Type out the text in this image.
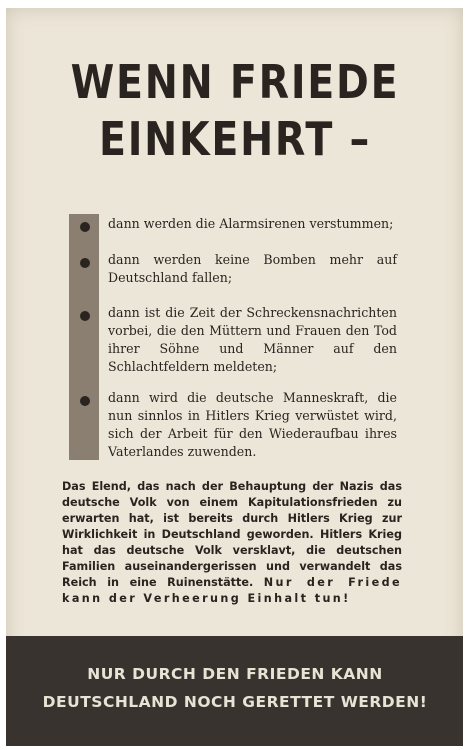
WENN FRIEDE
EINKEHRT –
dann werden die Alarmsirenen verstummen;
dann werden keine Bomben mehr auf Deutschland fallen;
dann ist die Zeit der Schreckensnachrichten vorbei, die den Müttern und Frauen den Tod ihrer Söhne und Männer auf den Schlachtfeldern meldeten;
dann wird die deutsche Manneskraft, die nun sinnlos in Hitlers Krieg verwüstet wird, sich der Arbeit für den Wiederaufbau ihres Vaterlandes zuwenden.
Das Elend, das nach der Behauptung der Nazis das deutsche Volk von einem Kapitulationsfrieden zu erwarten hat, ist bereits durch Hitlers Krieg zur Wirklichkeit in Deutschland geworden. Hitlers Krieg hat das deutsche Volk versklavt, die deutschen Familien auseinandergerissen und verwandelt das Reich in eine Ruinenstätte. Nur der Friede kann der Verheerung Einhalt tun!
NUR DURCH DEN FRIEDEN KANN
DEUTSCHLAND NOCH GERETTET WERDEN!
